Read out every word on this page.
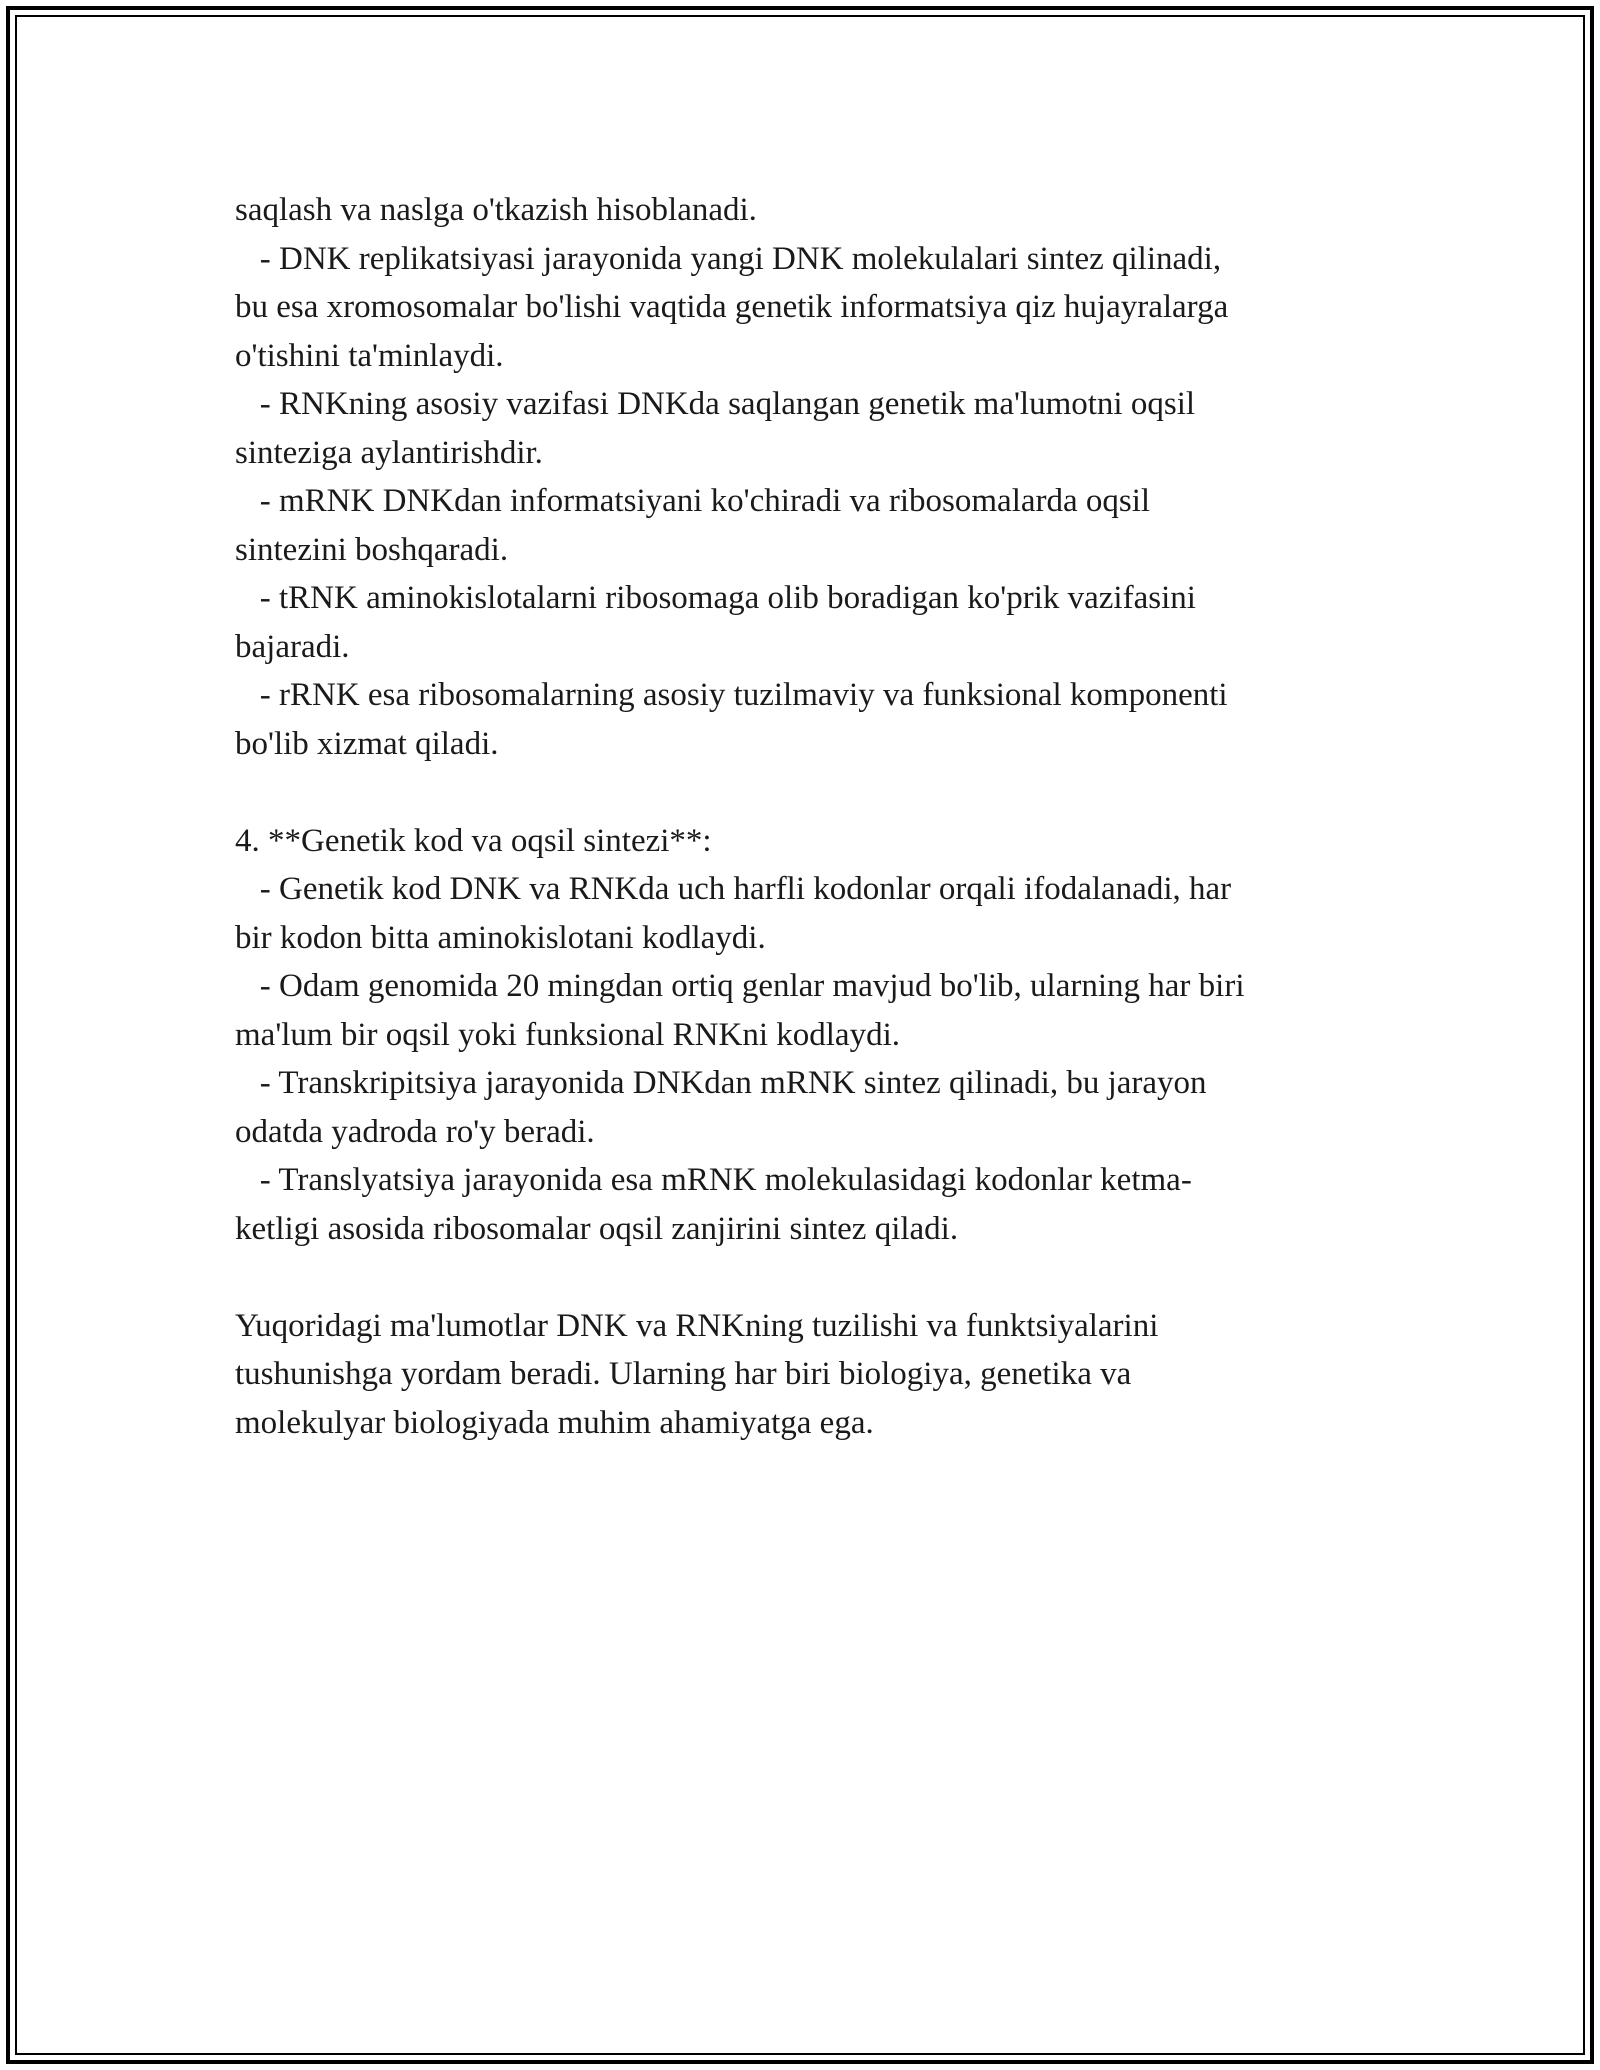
saqlash va naslga o'tkazish hisoblanadi.
- DNK replikatsiyasi jarayonida yangi DNK molekulalari sintez qilinadi,
bu esa xromosomalar bo'lishi vaqtida genetik informatsiya qiz hujayralarga
o'tishini ta'minlaydi.
- RNKning asosiy vazifasi DNKda saqlangan genetik ma'lumotni oqsil
sinteziga aylantirishdir.
- mRNK DNKdan informatsiyani ko'chiradi va ribosomalarda oqsil
sintezini boshqaradi.
- tRNK aminokislotalarni ribosomaga olib boradigan ko'prik vazifasini
bajaradi.
- rRNK esa ribosomalarning asosiy tuzilmaviy va funksional komponenti
bo'lib xizmat qiladi.
4. **Genetik kod va oqsil sintezi**:
- Genetik kod DNK va RNKda uch harfli kodonlar orqali ifodalanadi, har
bir kodon bitta aminokislotani kodlaydi.
- Odam genomida 20 mingdan ortiq genlar mavjud bo'lib, ularning har biri
ma'lum bir oqsil yoki funksional RNKni kodlaydi.
- Transkripitsiya jarayonida DNKdan mRNK sintez qilinadi, bu jarayon
odatda yadroda ro'y beradi.
- Translyatsiya jarayonida esa mRNK molekulasidagi kodonlar ketma-
ketligi asosida ribosomalar oqsil zanjirini sintez qiladi.
Yuqoridagi ma'lumotlar DNK va RNKning tuzilishi va funktsiyalarini
tushunishga yordam beradi. Ularning har biri biologiya, genetika va
molekulyar biologiyada muhim ahamiyatga ega.
